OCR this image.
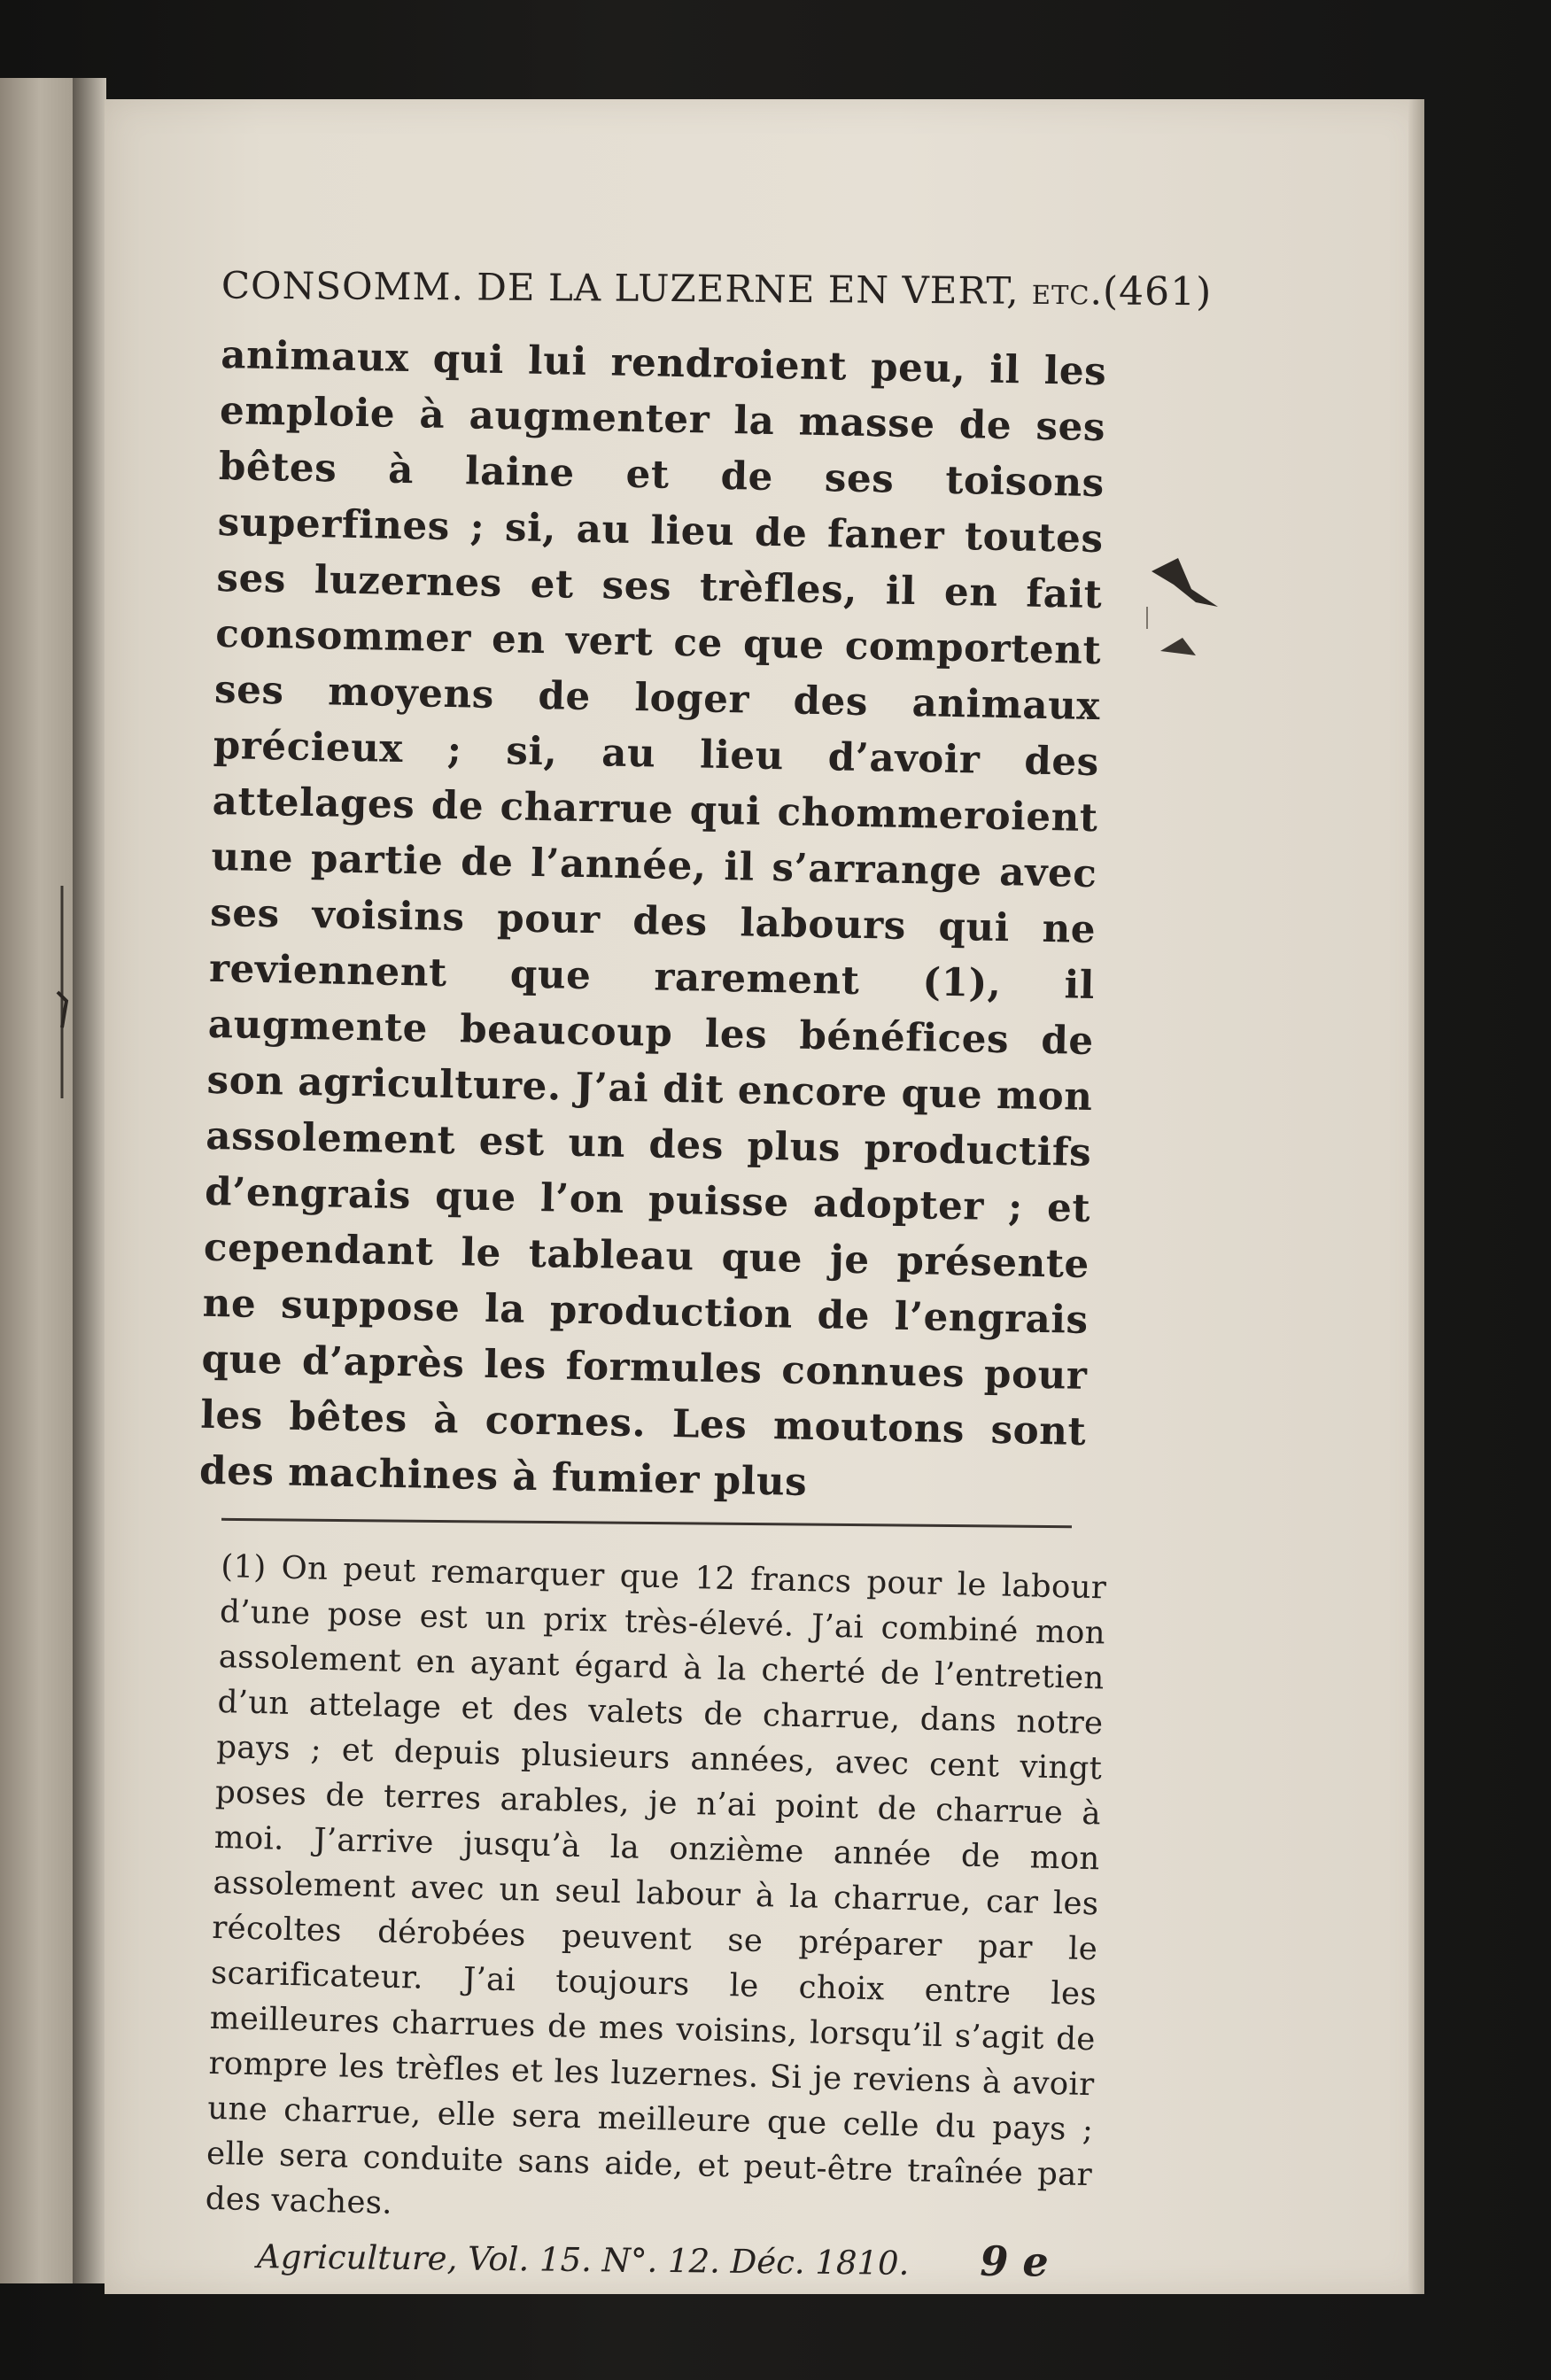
CONSOMM. DE LA LUZERNE EN VERT, etc. (461)

animaux qui lui rendroient peu, il les emploie à augmenter la masse de ses bêtes à laine et de ses toisons superfines ; si, au lieu de faner toutes ses luzernes et ses trèfles, il en fait consommer en vert ce que comportent ses moyens de loger des animaux précieux ; si, au lieu d’avoir des attelages de charrue qui chommeroient une partie de l’année, il s’arrange avec ses voisins pour des labours qui ne reviennent que rarement (1), il augmente beaucoup les bénéfices de son agriculture. J’ai dit encore que mon assolement est un des plus productifs d’engrais que l’on puisse adopter ; et cependant le tableau que je présente ne suppose la production de l’engrais que d’après les formules connues pour les bêtes à cornes. Les moutons sont des machines à fumier plus

(1) On peut remarquer que 12 francs pour le labour d’une pose est un prix très-élevé. J’ai combiné mon assolement en ayant égard à la cherté de l’entretien d’un attelage et des valets de charrue, dans notre pays ; et depuis plusieurs années, avec cent vingt poses de terres arables, je n’ai point de charrue à moi. J’arrive jusqu’à la onzième année de mon assolement avec un seul labour à la charrue, car les récoltes dérobées peuvent se préparer par le scarificateur. J’ai toujours le choix entre les meilleures charrues de mes voisins, lorsqu’il s’agit de rompre les trèfles et les luzernes. Si je reviens à avoir une charrue, elle sera meilleure que celle du pays ; elle sera conduite sans aide, et peut-être traînée par des vaches.

Agriculture, Vol. 15. N°. 12. Déc. 1810. 9 e
